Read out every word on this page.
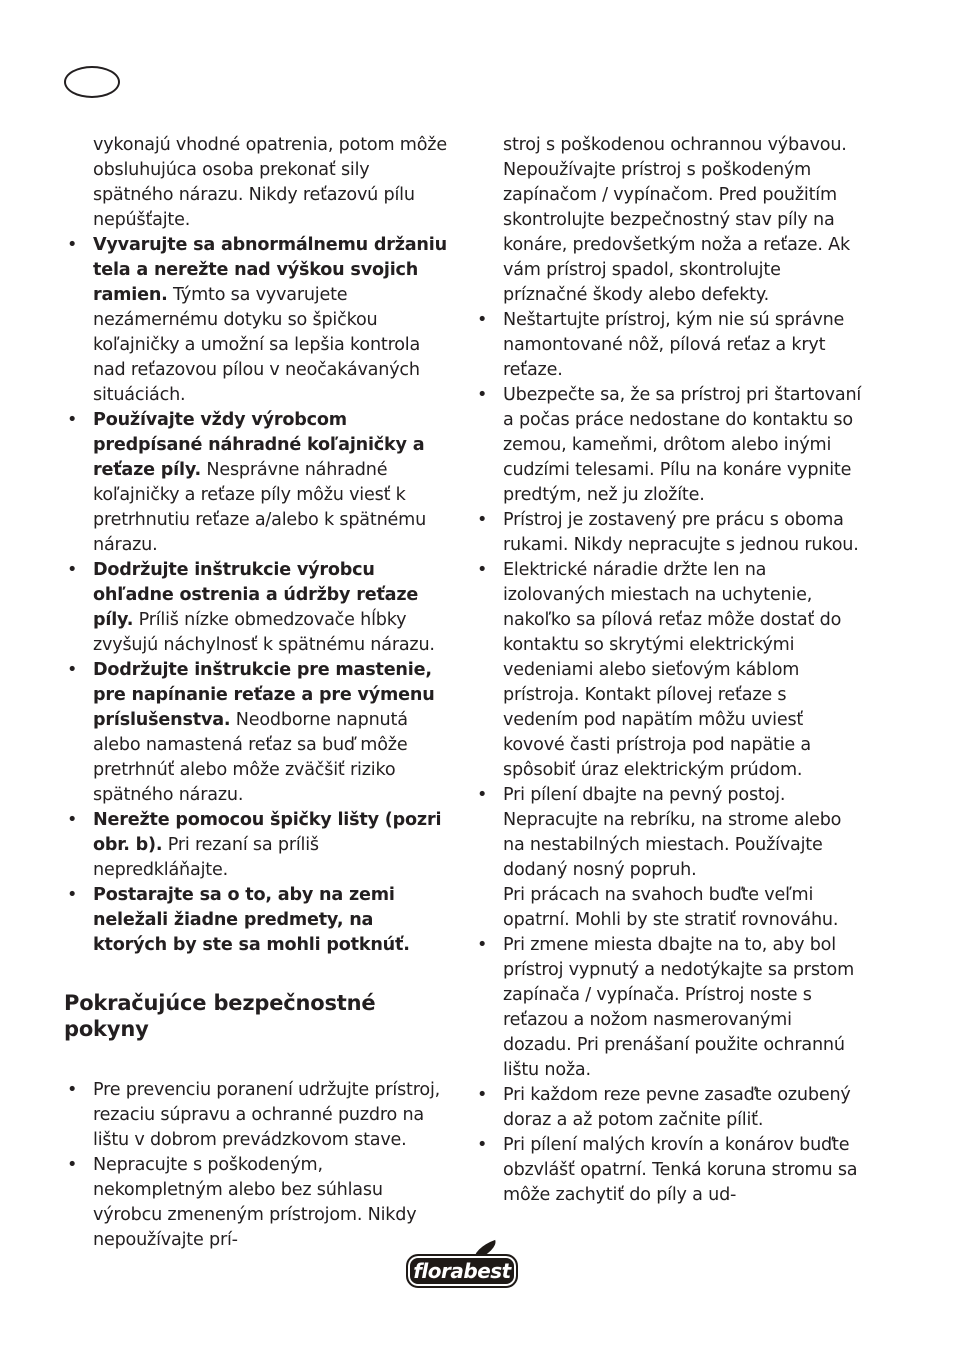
vykonajú vhodné opatrenia, potom môže obsluhujúca osoba prekonať sily spätného nárazu. Nikdy reťazovú pílu nepúšťajte.

• Vyvarujte sa abnormálnemu držaniu tela a nerežte nad výškou svojich ramien. Týmto sa vyvarujete nezámernému dotyku so špičkou koľajničky a umožní sa lepšia kontrola nad reťazovou pílou v neočakávaných situáciách.
• Používajte vždy výrobcom predpísané náhradné koľajničky a reťaze píly. Nesprávne náhradné koľajničky a reťaze píly môžu viesť k pretrhnutiu reťaze a/alebo k spätnému nárazu.
• Dodržujte inštrukcie výrobcu ohľadne ostrenia a údržby reťaze píly. Príliš nízke obmedzovače hĺbky zvyšujú náchylnosť k spätnému nárazu.
• Dodržujte inštrukcie pre mastenie, pre napínanie reťaze a pre výmenu príslušenstva. Neodborne napnutá alebo namastená reťaz sa buď môže pretrhnúť alebo môže zväčšiť riziko spätného nárazu.
• Nerežte pomocou špičky lišty (pozri obr. b). Pri rezaní sa príliš nepredkláňajte.
• Postarajte sa o to, aby na zemi neležali žiadne predmety, na ktorých by ste sa mohli potknúť.
Pokračujúce bezpečnostné pokyny
• Pre prevenciu poranení udržujte prístroj, rezaciu súpravu a ochranné puzdro na lištu v dobrom prevádzkovom stave.
• Nepracujte s poškodeným, nekompletným alebo bez súhlasu výrobcu zmeneným prístrojom. Nikdy nepoužívajte prí-

stroj s poškodenou ochrannou výbavou. Nepoužívajte prístroj s poškodeným zapínačom / vypínačom. Pred použitím skontrolujte bezpečnostný stav píly na konáre, predovšetkým noža a reťaze. Ak vám prístroj spadol, skontrolujte príznačné škody alebo defekty.

• Neštartujte prístroj, kým nie sú správne namontované nôž, pílová reťaz a kryt reťaze.
• Ubezpečte sa, že sa prístroj pri štartovaní a počas práce nedostane do kontaktu so zemou, kameňmi, drôtom alebo inými cudzími telesami. Pílu na konáre vypnite predtým, než ju zložíte.
• Prístroj je zostavený pre prácu s oboma rukami. Nikdy nepracujte s jednou rukou.
• Elektrické náradie držte len na izolovaných miestach na uchytenie, nakoľko sa pílová reťaz môže dostať do kontaktu so skrytými elektrickými vedeniami alebo sieťovým káblom prístroja. Kontakt pílovej reťaze s vedením pod napätím môžu uviesť kovové časti prístroja pod napätie a spôsobiť úraz elektrickým prúdom.
• Pri pílení dbajte na pevný postoj. Nepracujte na rebríku, na strome alebo na nestabilných miestach. Používajte dodaný nosný popruh.
Pri prácach na svahoch buďte veľmi opatrní. Mohli by ste stratiť rovnováhu.
• Pri zmene miesta dbajte na to, aby bol prístroj vypnutý a nedotýkajte sa prstom zapínača / vypínača. Prístroj noste s reťazou a nožom nasmerovanými dozadu. Pri prenášaní použite ochrannú lištu noža.
• Pri každom reze pevne zasaďte ozubený doraz a až potom začnite píliť.
• Pri pílení malých krovín a konárov buďte obzvlášť opatrní. Tenká koruna stromu sa môže zachytiť do píly a ud-
florabest
